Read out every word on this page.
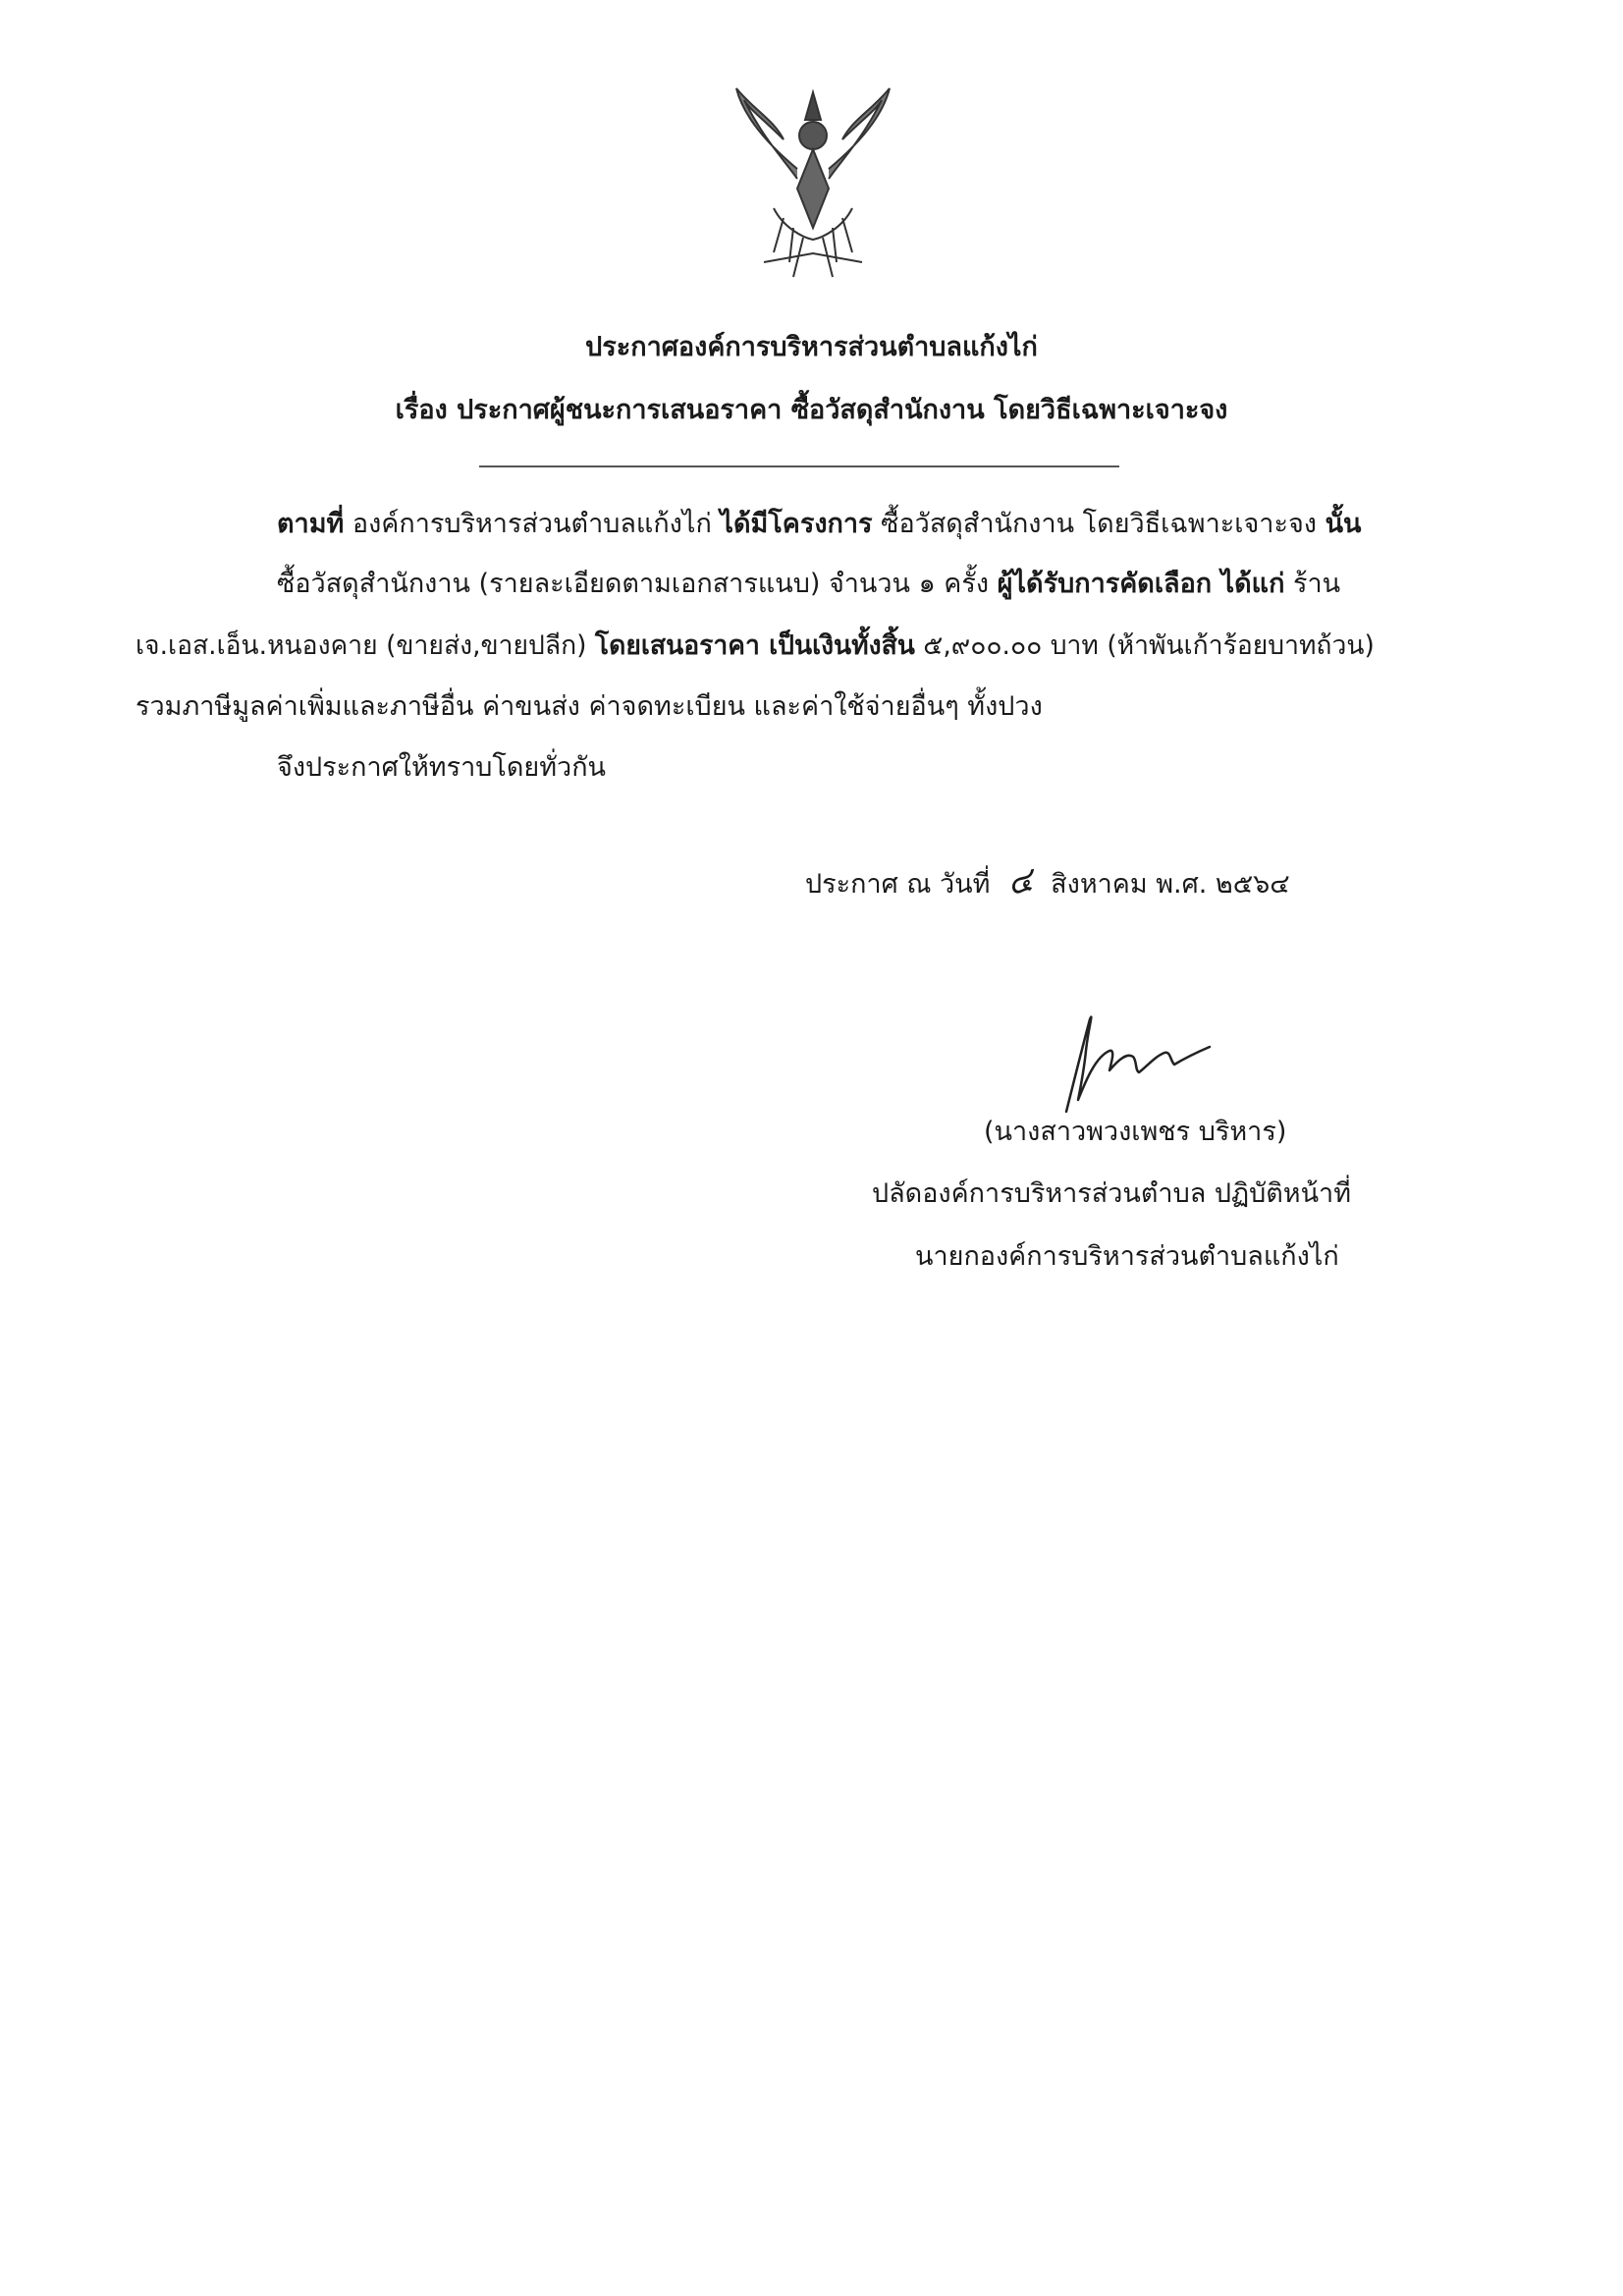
ประกาศองค์การบริหารส่วนตำบลแก้งไก่
เรื่อง ประกาศผู้ชนะการเสนอราคา ซื้อวัสดุสำนักงาน โดยวิธีเฉพาะเจาะจง
ตามที่ องค์การบริหารส่วนตำบลแก้งไก่ ได้มีโครงการ ซื้อวัสดุสำนักงาน โดยวิธีเฉพาะเจาะจง นั้น
ซื้อวัสดุสำนักงาน (รายละเอียดตามเอกสารแนบ) จำนวน ๑ ครั้ง ผู้ได้รับการคัดเลือก ได้แก่ ร้าน
เจ.เอส.เอ็น.หนองคาย (ขายส่ง,ขายปลีก) โดยเสนอราคา เป็นเงินทั้งสิ้น ๕,๙๐๐.๐๐ บาท (ห้าพันเก้าร้อยบาทถ้วน)
รวมภาษีมูลค่าเพิ่มและภาษีอื่น ค่าขนส่ง ค่าจดทะเบียน และค่าใช้จ่ายอื่นๆ ทั้งปวง
จึงประกาศให้ทราบโดยทั่วกัน
ประกาศ ณ วันที่ ๔ สิงหาคม พ.ศ. ๒๕๖๔
(นางสาวพวงเพชร บริหาร)
ปลัดองค์การบริหารส่วนตำบล ปฏิบัติหน้าที่
นายกองค์การบริหารส่วนตำบลแก้งไก่
